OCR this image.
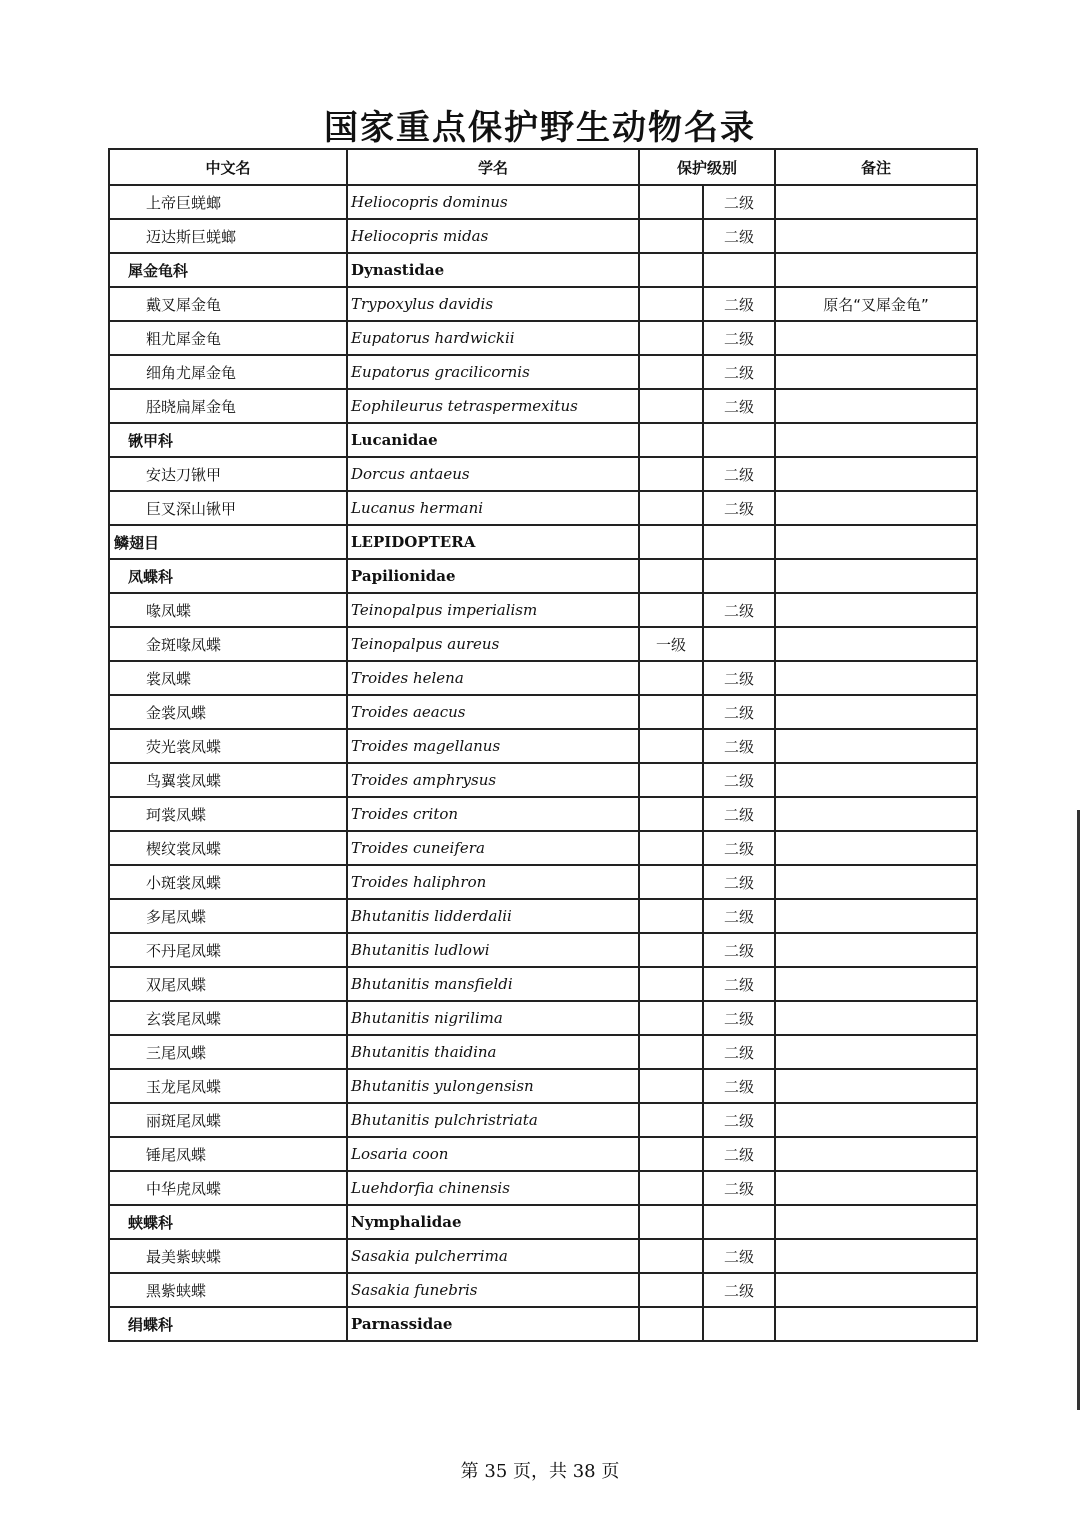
国家重点保护野生动物名录
中文名	学名	保护级别		备注
上帝巨蜣螂	Heliocopris dominus		二级	
迈达斯巨蜣螂	Heliocopris midas		二级	
犀金龟科	Dynastidae			
戴叉犀金龟	Trypoxylus davidis		二级	原名“叉犀金龟”
粗尤犀金龟	Eupatorus hardwickii		二级	
细角尤犀金龟	Eupatorus gracilicornis		二级	
胫晓扁犀金龟	Eophileurus tetraspermexitus		二级	
锹甲科	Lucanidae			
安达刀锹甲	Dorcus antaeus		二级	
巨叉深山锹甲	Lucanus hermani		二级	
鳞翅目	LEPIDOPTERA			
凤蝶科	Papilionidae			
喙凤蝶	Teinopalpus imperialism		二级	
金斑喙凤蝶	Teinopalpus aureus	一级		
裳凤蝶	Troides helena		二级	
金裳凤蝶	Troides aeacus		二级	
荧光裳凤蝶	Troides magellanus		二级	
鸟翼裳凤蝶	Troides amphrysus		二级	
珂裳凤蝶	Troides criton		二级	
楔纹裳凤蝶	Troides cuneifera		二级	
小斑裳凤蝶	Troides haliphron		二级	
多尾凤蝶	Bhutanitis lidderdalii		二级	
不丹尾凤蝶	Bhutanitis ludlowi		二级	
双尾凤蝶	Bhutanitis mansfieldi		二级	
玄裳尾凤蝶	Bhutanitis nigrilima		二级	
三尾凤蝶	Bhutanitis thaidina		二级	
玉龙尾凤蝶	Bhutanitis yulongensisn		二级	
丽斑尾凤蝶	Bhutanitis pulchristriata		二级	
锤尾凤蝶	Losaria coon		二级	
中华虎凤蝶	Luehdorfia chinensis		二级	
蛱蝶科	Nymphalidae			
最美紫蛱蝶	Sasakia pulcherrima		二级	
黑紫蛱蝶	Sasakia funebris		二级	
绢蝶科	Parnassidae			
第 35 页，共 38 页
